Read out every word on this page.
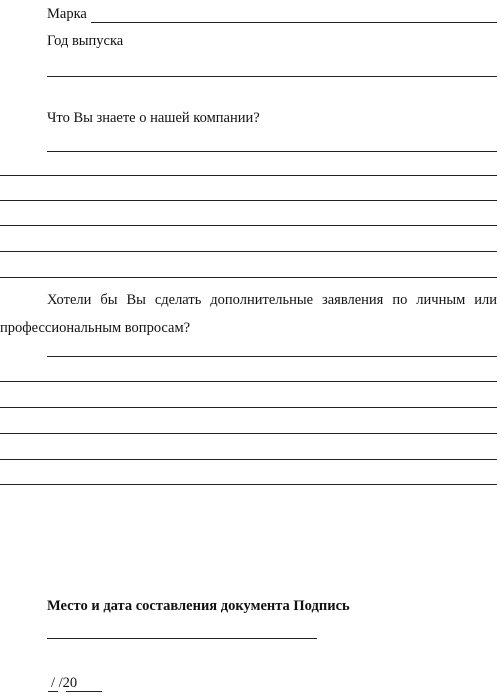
Марка
Год выпуска
Что Вы знаете о нашей компании?
Хотели бы Вы сделать дополнительные заявления по личным или профессиональным вопросам?
Место и дата составления документа Подпись
/ /20
